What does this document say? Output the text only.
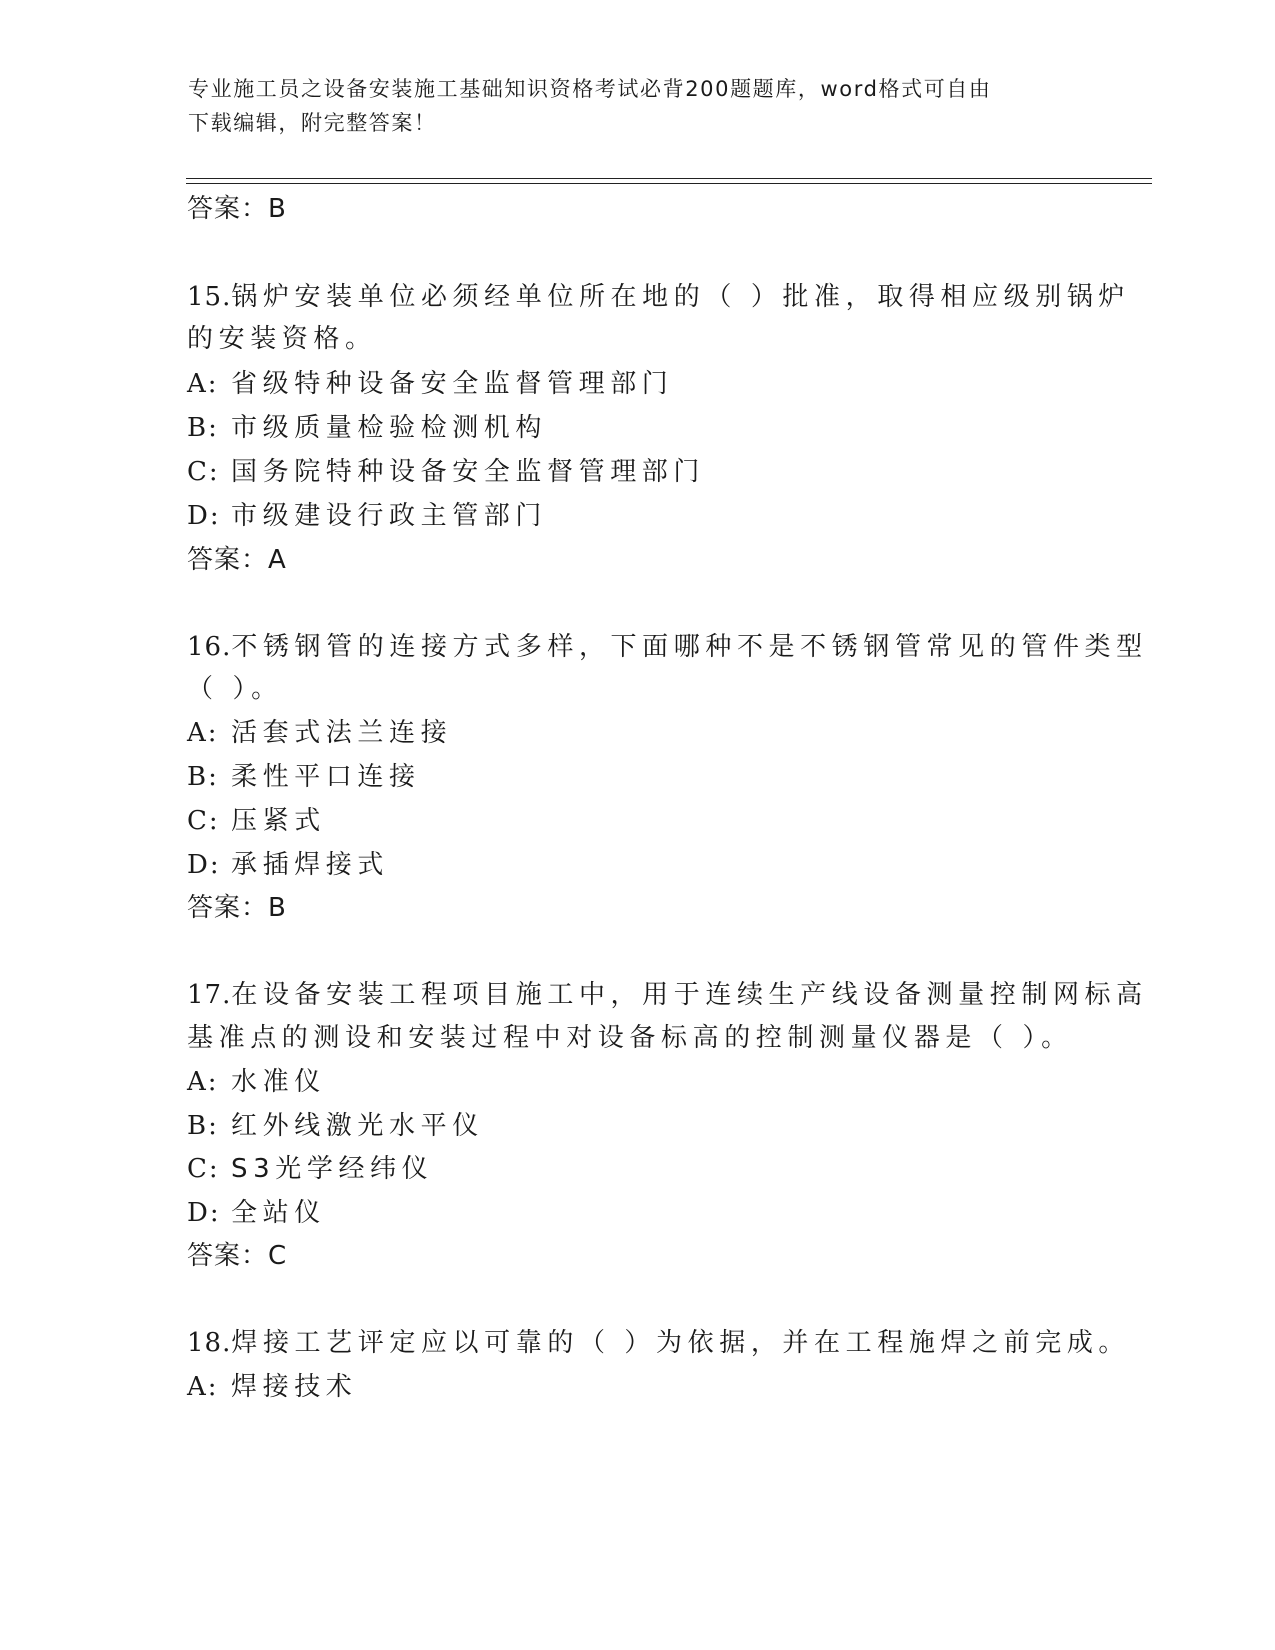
专业施工员之设备安装施工基础知识资格考试必背200题题库，word格式可自由
下载编辑，附完整答案！
答案：B
15.锅炉安装单位必须经单位所在地的（ ）批准，取得相应级别锅炉
的安装资格。
A: 省级特种设备安全监督管理部门
B: 市级质量检验检测机构
C: 国务院特种设备安全监督管理部门
D: 市级建设行政主管部门
答案：A
16.不锈钢管的连接方式多样，下面哪种不是不锈钢管常见的管件类型
（ ）。
A: 活套式法兰连接
B: 柔性平口连接
C: 压紧式
D: 承插焊接式
答案：B
17.在设备安装工程项目施工中，用于连续生产线设备测量控制网标高
基准点的测设和安装过程中对设备标高的控制测量仪器是（ ）。
A: 水准仪
B: 红外线激光水平仪
C: S3光学经纬仪
D: 全站仪
答案：C
18.焊接工艺评定应以可靠的（ ）为依据，并在工程施焊之前完成。
A: 焊接技术
